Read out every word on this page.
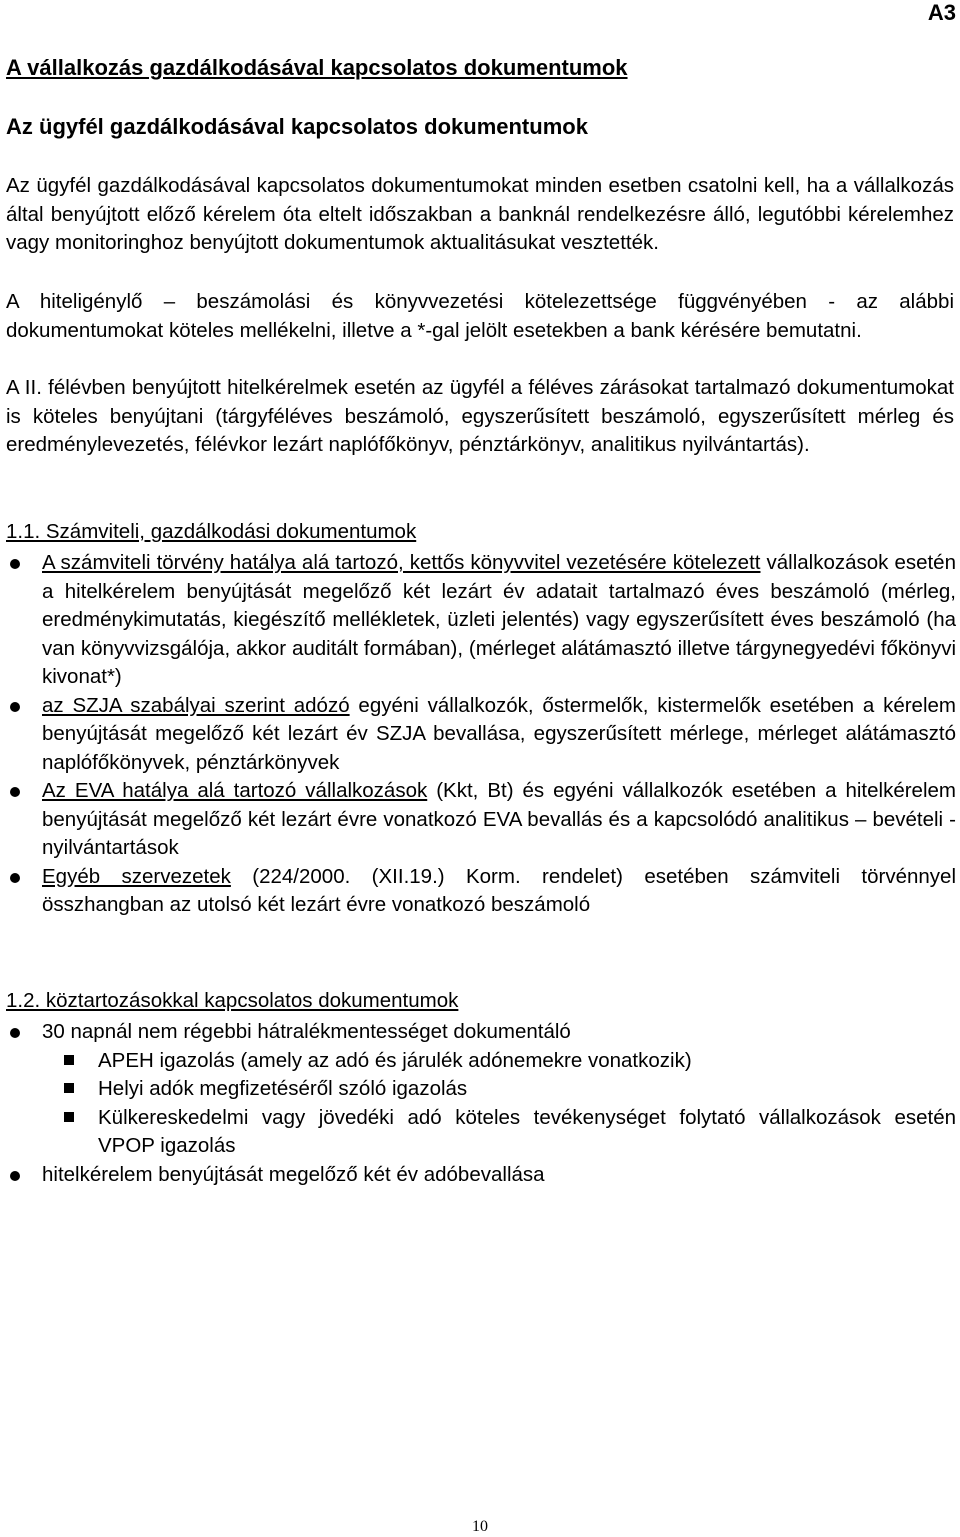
A3
A vállalkozás gazdálkodásával kapcsolatos dokumentumok
Az ügyfél gazdálkodásával kapcsolatos dokumentumok
Az ügyfél gazdálkodásával kapcsolatos dokumentumokat minden esetben csatolni kell, ha a vállalkozás által benyújtott előző kérelem óta eltelt időszakban a banknál rendelkezésre álló, legutóbbi kérelemhez vagy monitoringhoz benyújtott dokumentumok aktualitásukat vesztették.
A hiteligénylő – beszámolási és könyvvezetési kötelezettsége függvényében - az alábbi dokumentumokat köteles mellékelni, illetve a *-gal jelölt esetekben a bank kérésére bemutatni.
A II. félévben benyújtott hitelkérelmek esetén az ügyfél a féléves zárásokat tartalmazó dokumentumokat is köteles benyújtani (tárgyféléves beszámoló, egyszerűsített beszámoló, egyszerűsített mérleg és eredménylevezetés, félévkor lezárt naplófőkönyv, pénztárkönyv, analitikus nyilvántartás).
1.1. Számviteli, gazdálkodási dokumentumok
A számviteli törvény hatálya alá tartozó, kettős könyvvitel vezetésére kötelezett vállalkozások esetén a hitelkérelem benyújtását megelőző két lezárt év adatait tartalmazó éves beszámoló (mérleg, eredménykimutatás, kiegészítő mellékletek, üzleti jelentés) vagy egyszerűsített éves beszámoló (ha van könyvvizsgálója, akkor auditált formában), (mérleget alátámasztó illetve tárgynegyedévi főkönyvi kivonat*)
az SZJA szabályai szerint adózó egyéni vállalkozók, őstermelők, kistermelők esetében a kérelem benyújtását megelőző két lezárt év SZJA bevallása, egyszerűsített mérlege, mérleget alátámasztó naplófőkönyvek, pénztárkönyvek
Az EVA hatálya alá tartozó vállalkozások (Kkt, Bt) és egyéni vállalkozók esetében a hitelkérelem benyújtását megelőző két lezárt évre vonatkozó EVA bevallás és a kapcsolódó analitikus – bevételi - nyilvántartások
Egyéb szervezetek (224/2000. (XII.19.) Korm. rendelet) esetében számviteli törvénnyel összhangban az utolsó két lezárt évre vonatkozó beszámoló
1.2. köztartozásokkal kapcsolatos dokumentumok
30 napnál nem régebbi hátralékmentességet dokumentáló
APEH igazolás (amely az adó és járulék adónemekre vonatkozik)
Helyi adók megfizetéséről szóló igazolás
Külkereskedelmi vagy jövedéki adó köteles tevékenységet folytató vállalkozások esetén VPOP igazolás
hitelkérelem benyújtását megelőző két év adóbevallása
10
